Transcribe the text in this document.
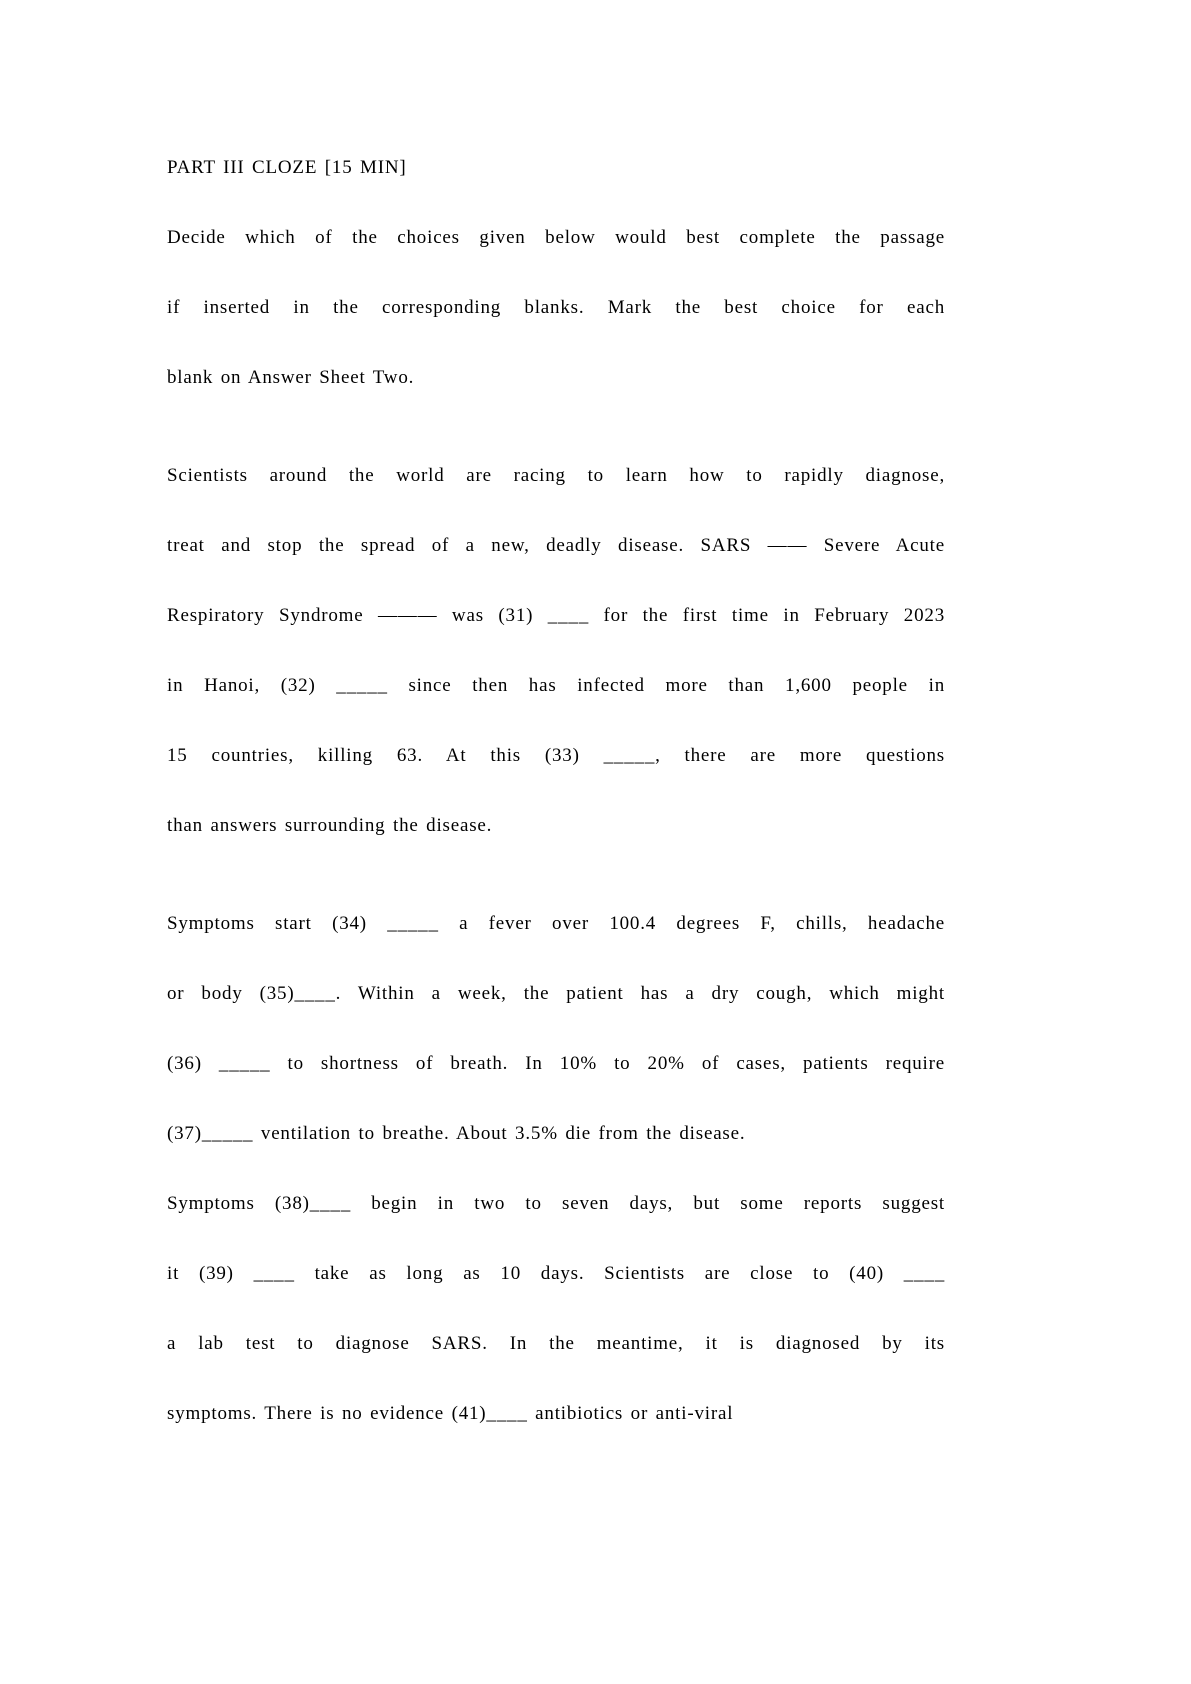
PART III CLOZE [15 MIN]
Decide which of the choices given below would best complete the passage
if inserted in the corresponding blanks. Mark the best choice for each
blank on Answer Sheet Two.
Scientists around the world are racing to learn how to rapidly diagnose,
treat and stop the spread of a new, deadly disease. SARS —— Severe Acute
Respiratory Syndrome ——— was (31) ____ for the first time in February 2023
in Hanoi, (32) _____ since then has infected more than 1,600 people in
15 countries, killing 63. At this (33) _____, there are more questions
than answers surrounding the disease.
Symptoms start (34) _____ a fever over 100.4 degrees F, chills, headache
or body (35)____. Within a week, the patient has a dry cough, which might
(36) _____ to shortness of breath. In 10% to 20% of cases, patients require
(37)_____ ventilation to breathe. About 3.5% die from the disease.
Symptoms (38)____ begin in two to seven days, but some reports suggest
it (39) ____ take as long as 10 days. Scientists are close to (40) ____
a lab test to diagnose SARS. In the meantime, it is diagnosed by its
symptoms. There is no evidence (41)____ antibiotics or anti-viral
